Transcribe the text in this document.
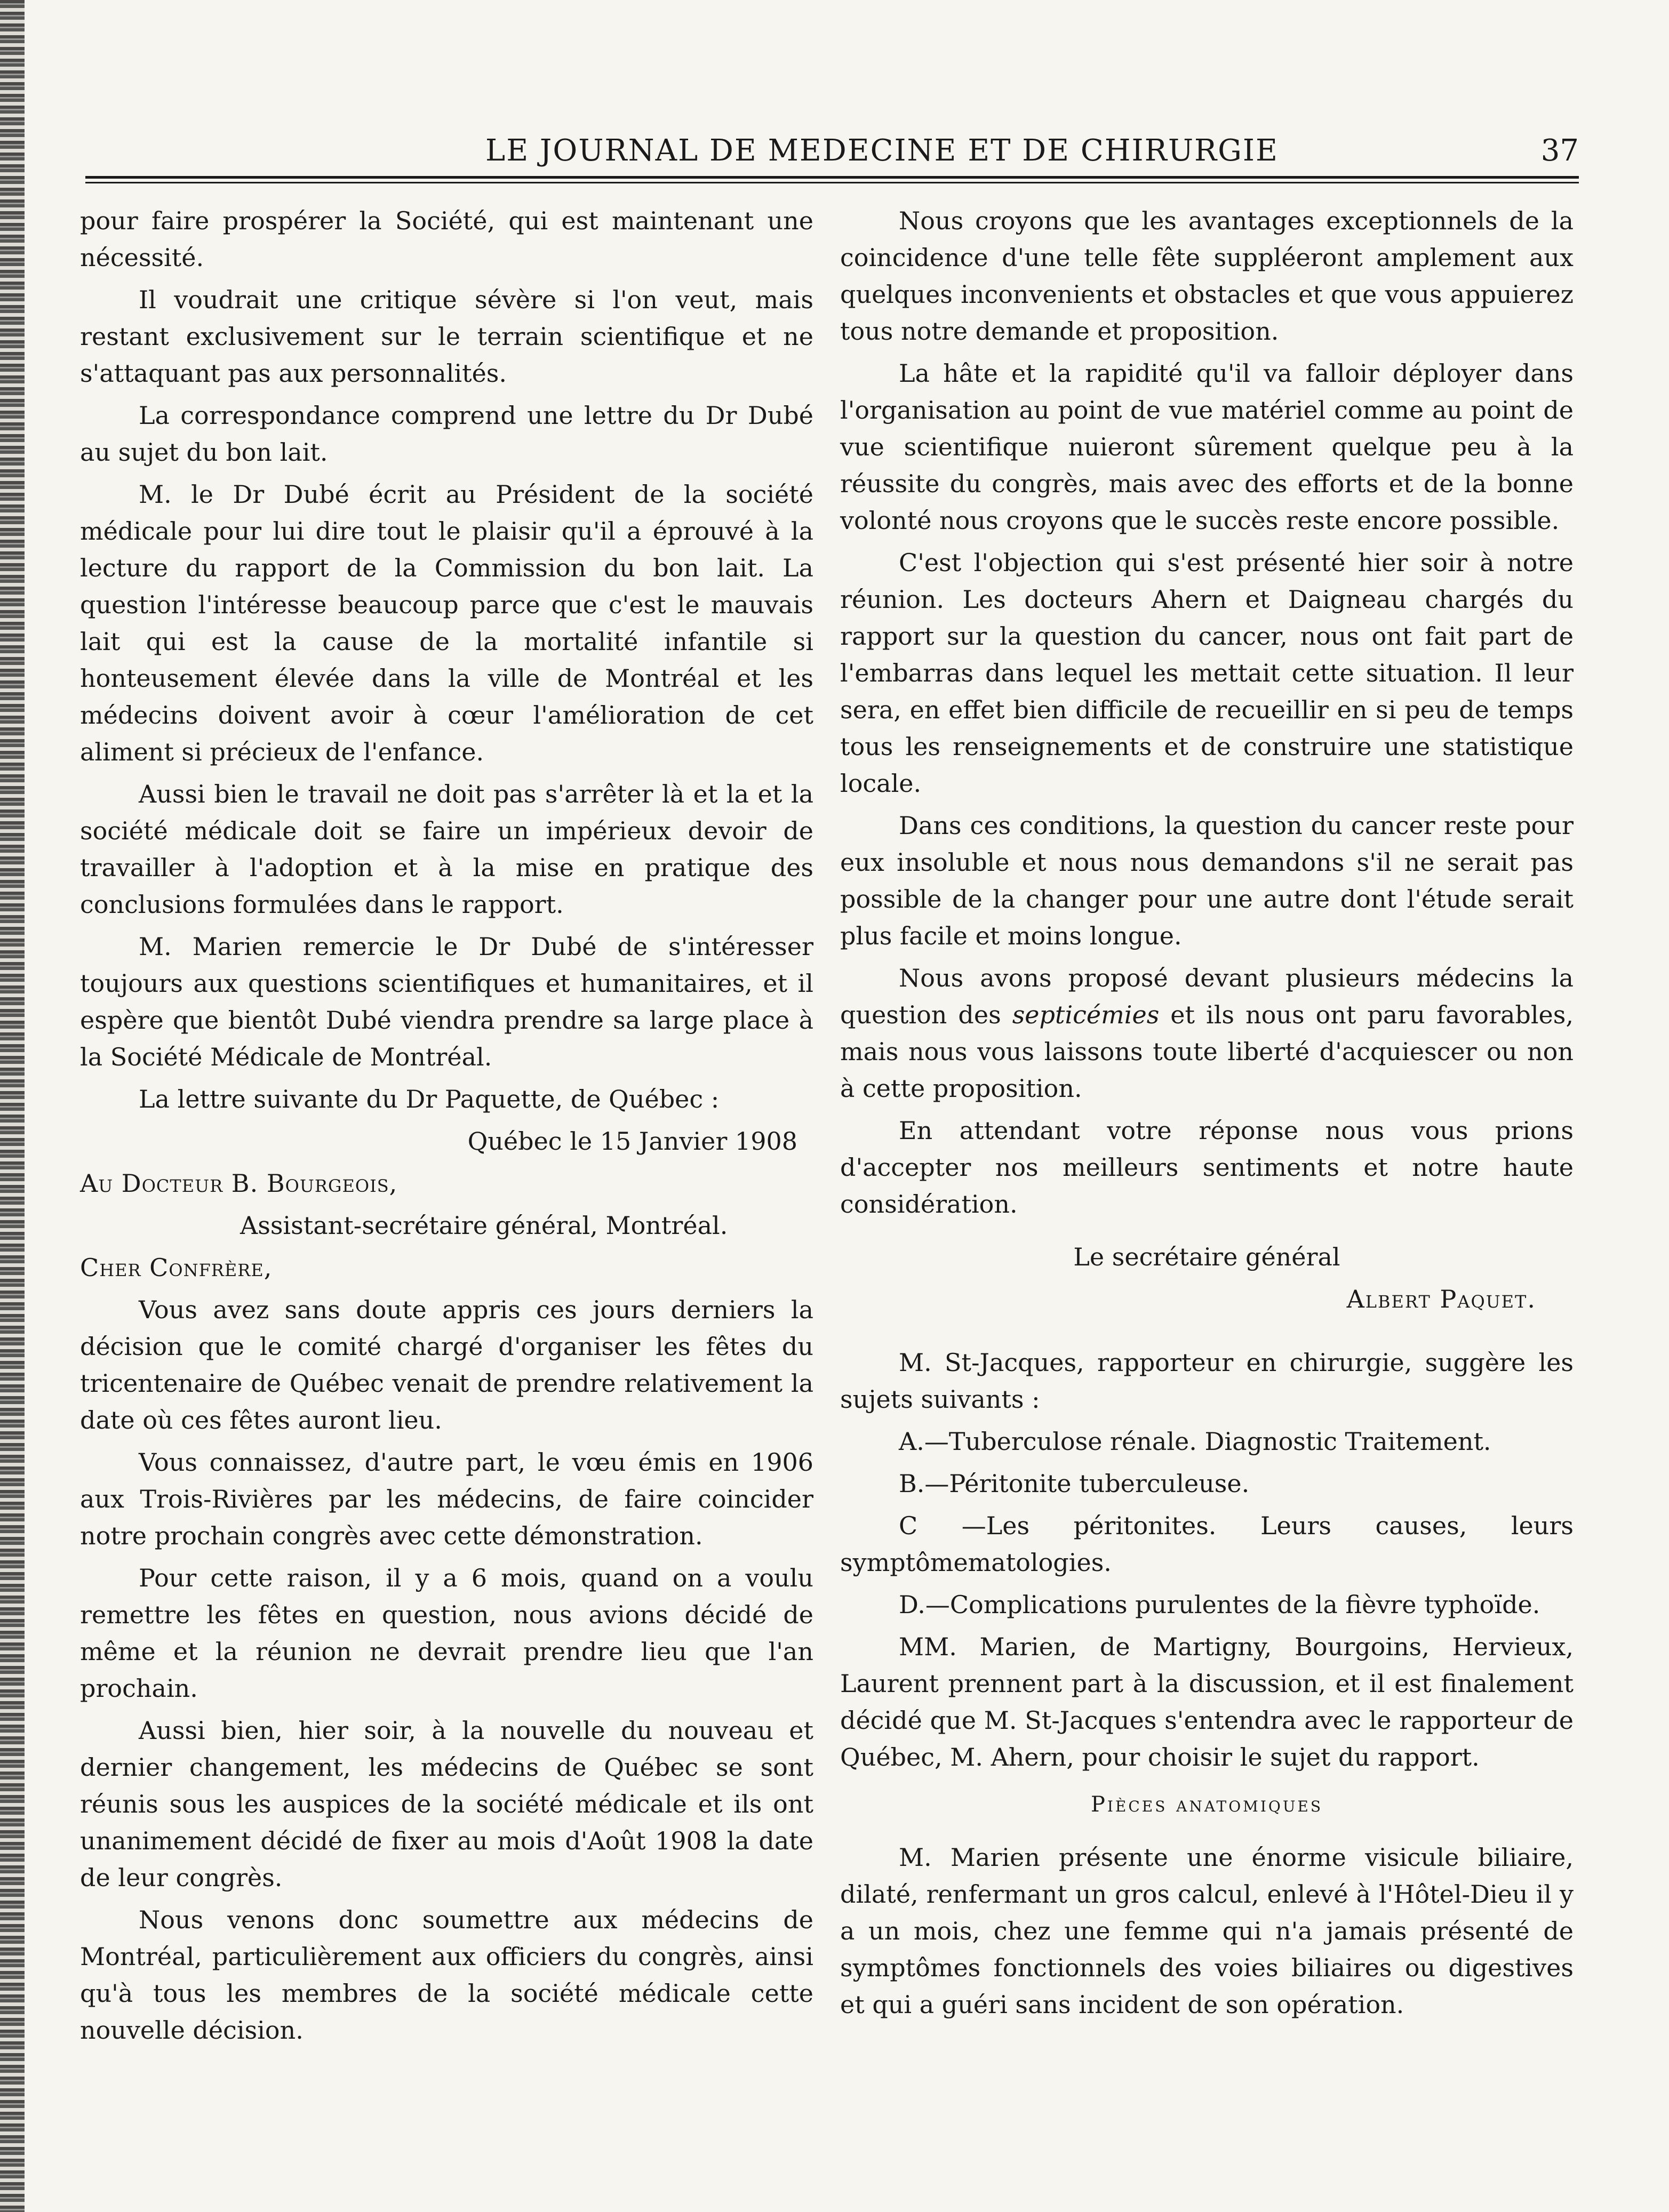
LE JOURNAL DE MEDECINE ET DE CHIRURGIE	37

pour faire prospérer la Société, qui est maintenant une nécessité.

Il voudrait une critique sévère si l'on veut, mais restant exclusivement sur le terrain scientifique et ne s'attaquant pas aux personnalités.

La correspondance comprend une lettre du Dr Dubé au sujet du bon lait.

M. le Dr Dubé écrit au Président de la société médicale pour lui dire tout le plaisir qu'il a éprouvé à la lecture du rapport de la Commission du bon lait. La question l'intéresse beaucoup parce que c'est le mauvais lait qui est la cause de la mortalité infantile si honteusement élevée dans la ville de Montréal et les médecins doivent avoir à cœur l'amélioration de cet aliment si précieux de l'enfance.

Aussi bien le travail ne doit pas s'arrêter là et la et la société médicale doit se faire un impérieux devoir de travailler à l'adoption et à la mise en pratique des conclusions formulées dans le rapport.

M. Marien remercie le Dr Dubé de s'intéresser toujours aux questions scientifiques et humanitaires, et il espère que bientôt Dubé viendra prendre sa large place à la Société Médicale de Montréal.

La lettre suivante du Dr Paquette, de Québec :

Québec le 15 Janvier 1908

Au Docteur B. Bourgeois,

Assistant-secrétaire général, Montréal.

Cher Confrère,

Vous avez sans doute appris ces jours derniers la décision que le comité chargé d'organiser les fêtes du tricentenaire de Québec venait de prendre relativement la date où ces fêtes auront lieu.

Vous connaissez, d'autre part, le vœu émis en 1906 aux Trois-Rivières par les médecins, de faire coincider notre prochain congrès avec cette démonstration.

Pour cette raison, il y a 6 mois, quand on a voulu remettre les fêtes en question, nous avions décidé de même et la réunion ne devrait prendre lieu que l'an prochain.

Aussi bien, hier soir, à la nouvelle du nouveau et dernier changement, les médecins de Québec se sont réunis sous les auspices de la société médicale et ils ont unanimement décidé de fixer au mois d'Août 1908 la date de leur congrès.

Nous venons donc soumettre aux médecins de Montréal, particulièrement aux officiers du congrès, ainsi qu'à tous les membres de la société médicale cette nouvelle décision.

Nous croyons que les avantages exceptionnels de la coincidence d'une telle fête suppléeront amplement aux quelques inconvenients et obstacles et que vous appuierez tous notre demande et proposition.

La hâte et la rapidité qu'il va falloir déployer dans l'organisation au point de vue matériel comme au point de vue scientifique nuieront sûrement quelque peu à la réussite du congrès, mais avec des efforts et de la bonne volonté nous croyons que le succès reste encore possible.

C'est l'objection qui s'est présenté hier soir à notre réunion. Les docteurs Ahern et Daigneau chargés du rapport sur la question du cancer, nous ont fait part de l'embarras dans lequel les mettait cette situation. Il leur sera, en effet bien difficile de recueillir en si peu de temps tous les renseignements et de construire une statistique locale.

Dans ces conditions, la question du cancer reste pour eux insoluble et nous nous demandons s'il ne serait pas possible de la changer pour une autre dont l'étude serait plus facile et moins longue.

Nous avons proposé devant plusieurs médecins la question des septicémies et ils nous ont paru favorables, mais nous vous laissons toute liberté d'acquiescer ou non à cette proposition.

En attendant votre réponse nous vous prions d'accepter nos meilleurs sentiments et notre haute considération.

Le secrétaire général

Albert Paquet.

M. St-Jacques, rapporteur en chirurgie, suggère les sujets suivants :

A.—Tuberculose rénale. Diagnostic Traitement.

B.—Péritonite tuberculeuse.

C —Les péritonites. Leurs causes, leurs symptômematologies.

D.—Complications purulentes de la fièvre typhoïde.

MM. Marien, de Martigny, Bourgoins, Hervieux, Laurent prennent part à la discussion, et il est finalement décidé que M. St-Jacques s'entendra avec le rapporteur de Québec, M. Ahern, pour choisir le sujet du rapport.

Pièces anatomiques

M. Marien présente une énorme visicule biliaire, dilaté, renfermant un gros calcul, enlevé à l'Hôtel-Dieu il y a un mois, chez une femme qui n'a jamais présenté de symptômes fonctionnels des voies biliaires ou digestives et qui a guéri sans incident de son opération.
